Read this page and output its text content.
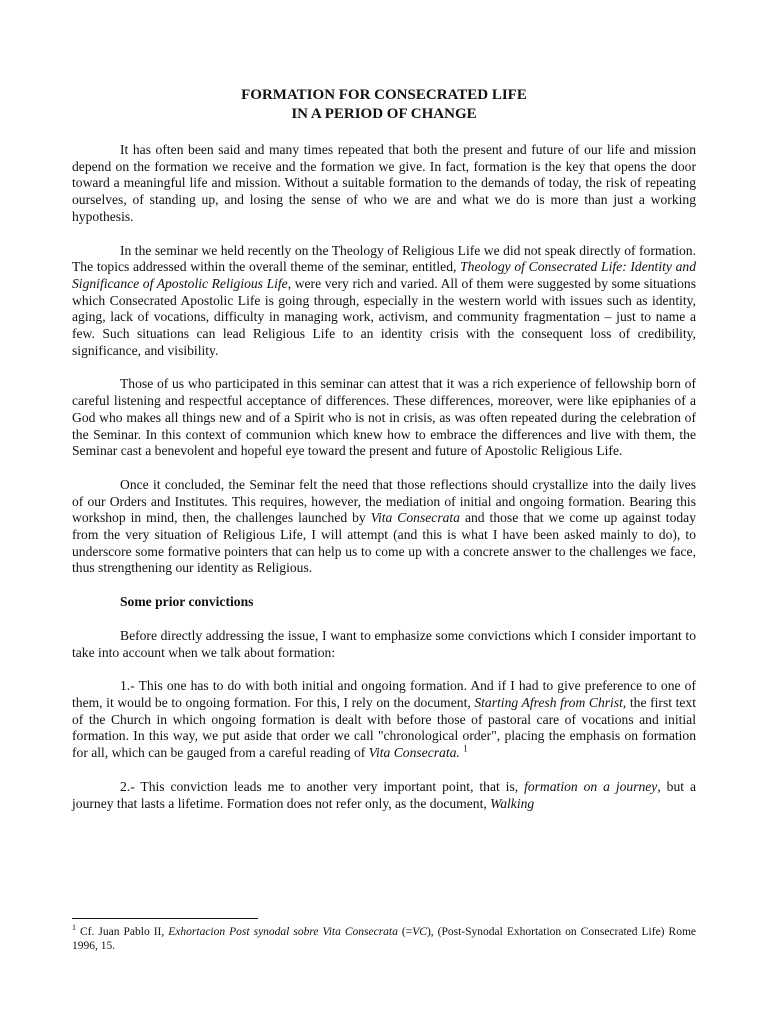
FORMATION FOR CONSECRATED LIFE
IN A PERIOD OF CHANGE

It has often been said and many times repeated that both the present and future of our life and mission depend on the formation we receive and the formation we give. In fact, formation is the key that opens the door toward a meaningful life and mission. Without a suitable formation to the demands of today, the risk of repeating ourselves, of standing up, and losing the sense of who we are and what we do is more than just a working hypothesis.

In the seminar we held recently on the Theology of Religious Life we did not speak directly of formation. The topics addressed within the overall theme of the seminar, entitled, Theology of Consecrated Life: Identity and Significance of Apostolic Religious Life, were very rich and varied. All of them were suggested by some situations which Consecrated Apostolic Life is going through, especially in the western world with issues such as identity, aging, lack of vocations, difficulty in managing work, activism, and community fragmentation – just to name a few. Such situations can lead Religious Life to an identity crisis with the consequent loss of credibility, significance, and visibility.

Those of us who participated in this seminar can attest that it was a rich experience of fellowship born of careful listening and respectful acceptance of differences. These differences, moreover, were like epiphanies of a God who makes all things new and of a Spirit who is not in crisis, as was often repeated during the celebration of the Seminar. In this context of communion which knew how to embrace the differences and live with them, the Seminar cast a benevolent and hopeful eye toward the present and future of Apostolic Religious Life.

Once it concluded, the Seminar felt the need that those reflections should crystallize into the daily lives of our Orders and Institutes. This requires, however, the mediation of initial and ongoing formation. Bearing this workshop in mind, then, the challenges launched by Vita Consecrata and those that we come up against today from the very situation of Religious Life, I will attempt (and this is what I have been asked mainly to do), to underscore some formative pointers that can help us to come up with a concrete answer to the challenges we face, thus strengthening our identity as Religious.

Some prior convictions

Before directly addressing the issue, I want to emphasize some convictions which I consider important to take into account when we talk about formation:

1.- This one has to do with both initial and ongoing formation. And if I had to give preference to one of them, it would be to ongoing formation. For this, I rely on the document, Starting Afresh from Christ, the first text of the Church in which ongoing formation is dealt with before those of pastoral care of vocations and initial formation. In this way, we put aside that order we call "chronological order", placing the emphasis on formation for all, which can be gauged from a careful reading of Vita Consecrata. $^1$

2.- This conviction leads me to another very important point, that is, formation on a journey, but a journey that lasts a lifetime. Formation does not refer only, as the document, Walking

$^1$ Cf. Juan Pablo II, Exhortacion Post synodal sobre Vita Consecrata (=VC), (Post-Synodal Exhortation on Consecrated Life) Rome 1996, 15.
